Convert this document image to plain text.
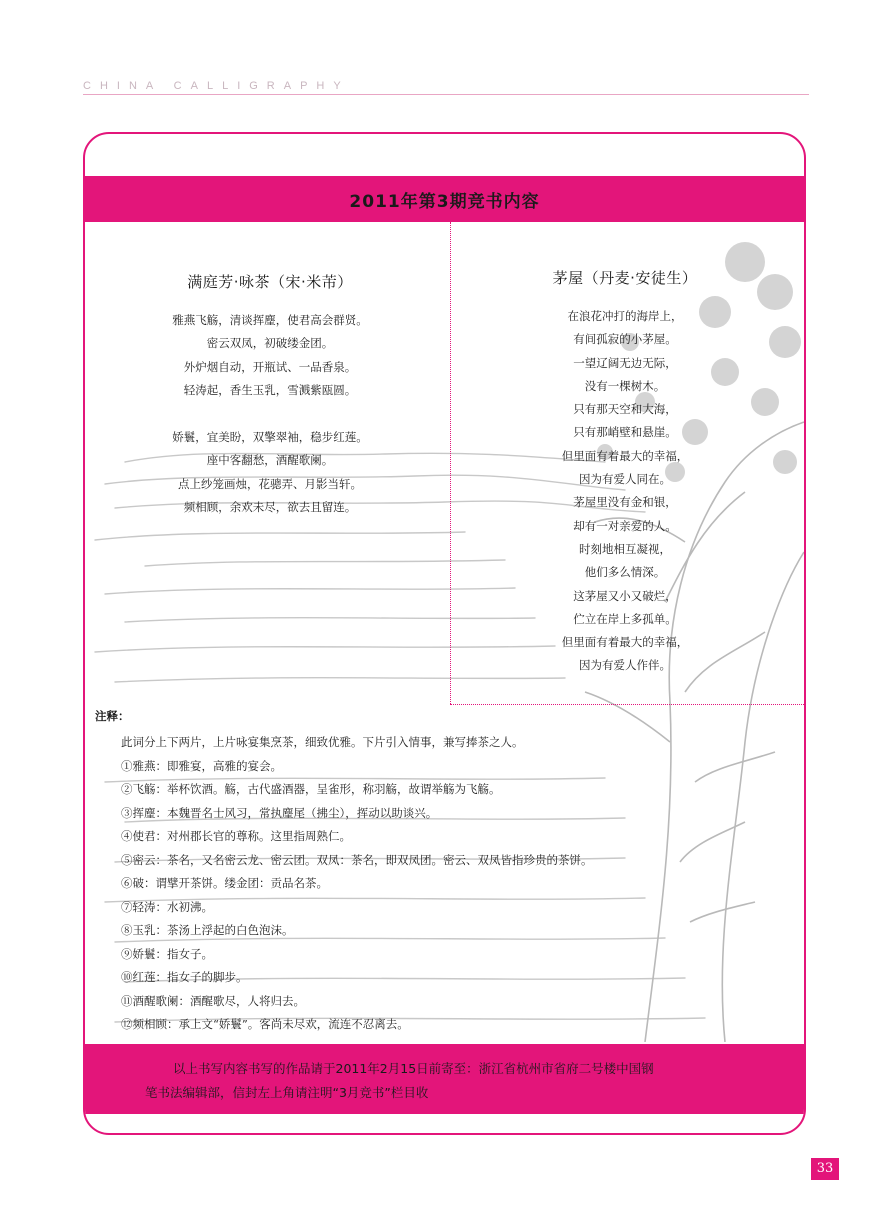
CHINA CALLIGRAPHY
2011年第3期竞书内容
满庭芳·咏茶（宋·米芾）
雅燕飞觞，清谈挥麈，使君高会群贤。
密云双凤，初破缕金团。
外炉烟自动，开瓶试、一品香泉。
轻涛起，香生玉乳，雪溅紫瓯圆。
娇鬟，宜美盼，双擎翠袖，稳步红莲。
座中客翻愁，酒醒歌阑。
点上纱笼画烛，花骢弄、月影当轩。
频相顾，余欢未尽，欲去且留连。
茅屋（丹麦·安徒生）
在浪花冲打的海岸上，
有间孤寂的小茅屋。
一望辽阔无边无际，
没有一棵树木。
只有那天空和大海，
只有那峭壁和悬崖。
但里面有着最大的幸福，
因为有爱人同在。
茅屋里没有金和银，
却有一对亲爱的人。
时刻地相互凝视，
他们多么情深。
这茅屋又小又破烂，
伫立在岸上多孤单。
但里面有着最大的幸福，
因为有爱人作伴。
注释：
此词分上下两片，上片咏宴集烹茶，细致优雅。下片引入情事，兼写捧茶之人。
①雅燕：即雅宴，高雅的宴会。
②飞觞：举杯饮酒。觞，古代盛酒器，呈雀形，称羽觞，故谓举觞为飞觞。
③挥麈：本魏晋名士风习，常执麈尾（拂尘），挥动以助谈兴。
④使君：对州郡长官的尊称。这里指周熟仁。
⑤密云：茶名，又名密云龙、密云团。双凤：茶名，即双凤团。密云、双凤皆指珍贵的茶饼。
⑥破：谓擘开茶饼。缕金团：贡品名茶。
⑦轻涛：水初沸。
⑧玉乳：茶汤上浮起的白色泡沫。
⑨娇鬟：指女子。
⑩红莲：指女子的脚步。
⑪酒醒歌阑：酒醒歌尽，人将归去。
⑫频相顾：承上文“娇鬟”。客尚未尽欢，流连不忍离去。
以上书写内容书写的作品请于2011年2月15日前寄至：浙江省杭州市省府二号楼中国钢
笔书法编辑部，信封左上角请注明“3月竞书”栏目收
33
